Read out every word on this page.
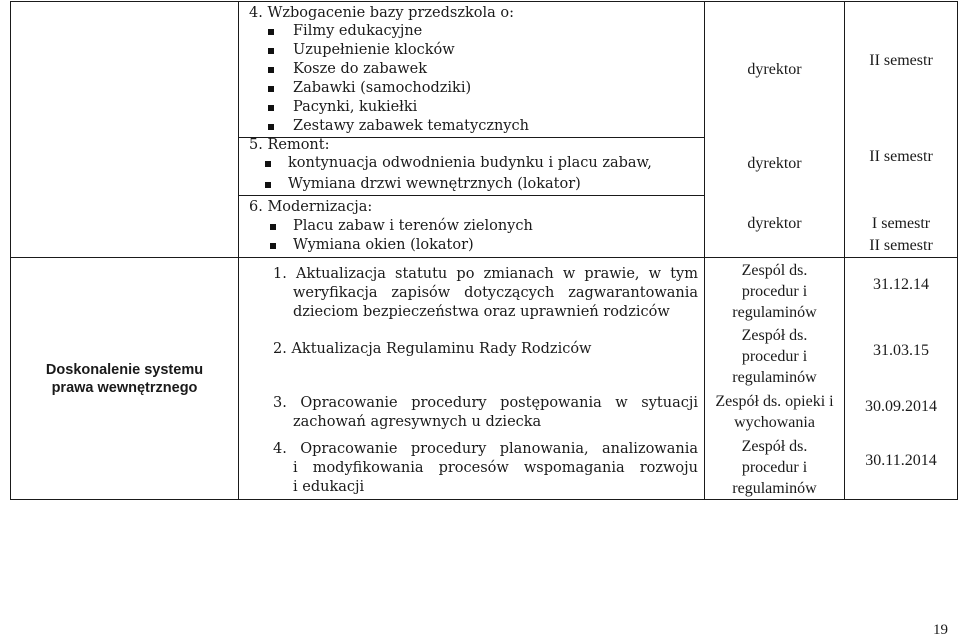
Doskonalenie systemu
prawa wewnętrznego
4. Wzbogacenie bazy przedszkola o:
Filmy edukacyjne
Uzupełnienie klocków
Kosze do zabawek
Zabawki (samochodziki)
Pacynki, kukiełki
Zestawy zabawek tematycznych
dyrektor
II semestr
5. Remont:
kontynuacja odwodnienia budynku i placu zabaw,
Wymiana drzwi wewnętrznych (lokator)
dyrektor	II semestr
6. Modernizacja:
Placu zabaw i terenów zielonych
Wymiana okien (lokator)
dyrektor	I semestr
II semestr
1. Aktualizacja statutu po zmianach w prawie, w tym
weryfikacja zapisów dotyczących zagwarantowania
dzieciom bezpieczeństwa oraz uprawnień rodziców
Zespól ds.
procedur i
regulaminów
31.12.14
2. Aktualizacja Regulaminu Rady Rodziców
Zespół ds.
procedur i
regulaminów
31.03.15
3. Opracowanie procedury postępowania w sytuacji
zachowań agresywnych u dziecka
Zespół ds. opieki i
wychowania
30.09.2014
4. Opracowanie procedury planowania, analizowania
i modyfikowania procesów wspomagania rozwoju
i edukacji
Zespół ds.
procedur i
regulaminów
30.11.2014
19
